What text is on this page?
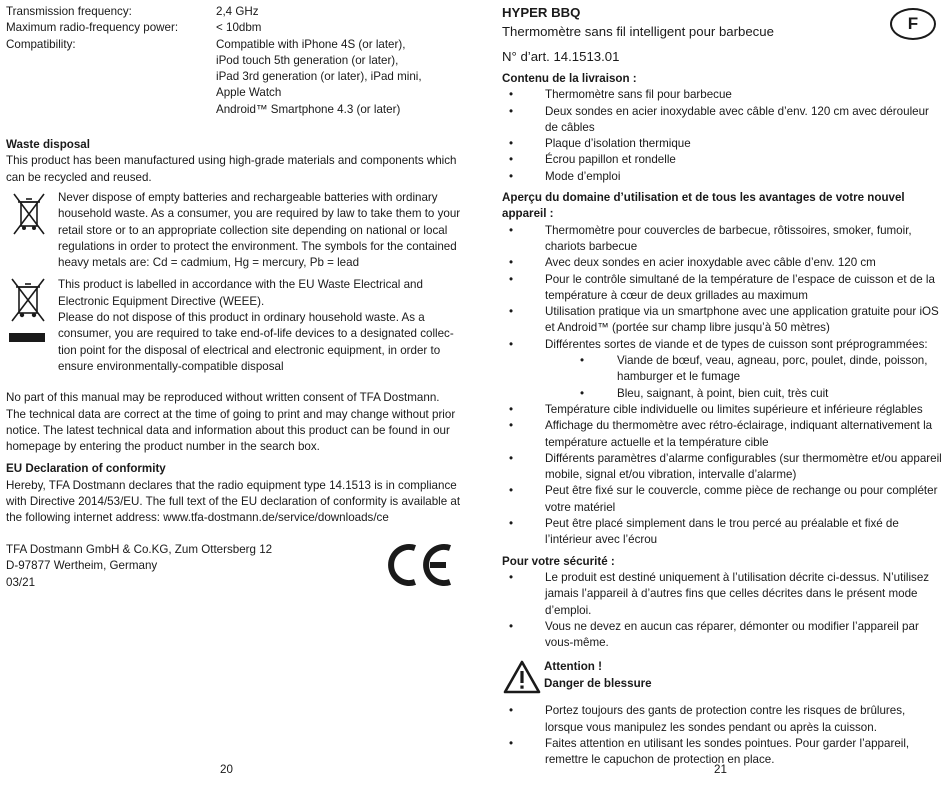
Transmission frequency:	2,4 GHz
Maximum radio-frequency power:	< 10dbm
Compatibility:	Compatible with iPhone 4S (or later),
iPod touch 5th generation (or later),
iPad 3rd generation (or later), iPad mini,
Apple Watch
Android™ Smartphone 4.3 (or later)
Waste disposal

This product has been manufactured using high-grade materials and components which can be recycled and reused.

Never dispose of empty batteries and rechargeable batteries with ordinary household waste. As a consumer, you are required by law to take them to your retail store or to an appropriate collection site depending on national or local regulations in order to protect the environment. The symbols for the contained heavy metals are: Cd = cadmium, Hg = mercury, Pb = lead

This product is labelled in accordance with the EU Waste Electrical and Electronic Equipment Directive (WEEE).

Please do not dispose of this product in ordinary household waste. As a consumer, you are required to take end-of-life devices to a designated collec-tion point for the disposal of electrical and electronic equipment, in order to ensure environmentally-compatible disposal

No part of this manual may be reproduced without written consent of TFA Dostmann. The technical data are correct at the time of going to print and may change without prior notice. The latest technical data and information about this product can be found in our homepage by entering the product number in the search box.

EU Declaration of conformity

Hereby, TFA Dostmann declares that the radio equipment type 14.1513 is in compliance with Directive 2014/53/EU. The full text of the EU declaration of conformity is available at the following internet address: www.tfa-dostmann.de/service/downloads/ce

TFA Dostmann GmbH & Co.KG, Zum Ottersberg 12
D-97877 Wertheim, Germany
03/21
20
HYPER BBQ
Thermomètre sans fil intelligent pour barbecue
N° d’art. 14.1513.01
F
Contenu de la livraison :
• Thermomètre sans fil pour barbecue
• Deux sondes en acier inoxydable avec câble d’env. 120 cm avec dérouleur de câbles
• Plaque d’isolation thermique
• Écrou papillon et rondelle
• Mode d’emploi
Aperçu du domaine d’utilisation et de tous les avantages de votre nouvel appareil :
• Thermomètre pour couvercles de barbecue, rôtissoires, smoker, fumoir, chariots barbecue
• Avec deux sondes en acier inoxydable avec câble d’env. 120 cm
• Pour le contrôle simultané de la température de l’espace de cuisson et de la température à cœur de deux grillades au maximum
• Utilisation pratique via un smartphone avec une application gratuite pour iOS et Android™ (portée sur champ libre jusqu’à 50 mètres)
• Différentes sortes de viande et de types de cuisson sont préprogrammées:
• Viande de bœuf, veau, agneau, porc, poulet, dinde, poisson, hamburger et le fumage
• Bleu, saignant, à point, bien cuit, très cuit
• Température cible individuelle ou limites supérieure et inférieure réglables
• Affichage du thermomètre avec rétro-éclairage, indiquant alternativement la température actuelle et la température cible
• Différents paramètres d’alarme configurables (sur thermomètre et/ou appareil mobile, signal et/ou vibration, intervalle d’alarme)
• Peut être fixé sur le couvercle, comme pièce de rechange ou pour compléter votre matériel
• Peut être placé simplement dans le trou percé au préalable et fixé de l’intérieur avec l’écrou
Pour votre sécurité :
• Le produit est destiné uniquement à l’utilisation décrite ci-dessus. N’utilisez jamais l’appareil à d’autres fins que celles décrites dans le présent mode d’emploi.
• Vous ne devez en aucun cas réparer, démonter ou modifier l’appareil par vous-même.
Attention !
Danger de blessure
• Portez toujours des gants de protection contre les risques de brûlures, lorsque vous manipulez les sondes pendant ou après la cuisson.
• Faites attention en utilisant les sondes pointues. Pour garder l’appareil, remettre le capuchon de protection en place.
21
